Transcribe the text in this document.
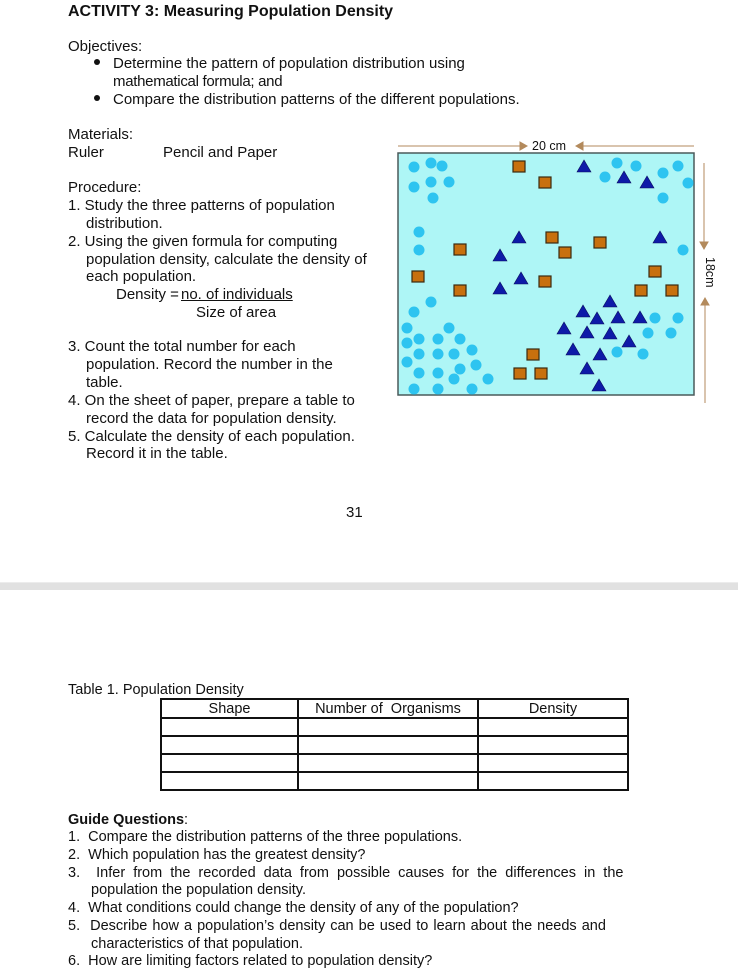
ACTIVITY 3: Measuring Population Density
Objectives:
Determine the pattern of population distribution using
mathematical formula; and
Compare the distribution patterns of the different populations.
Materials:
Ruler	Pencil and Paper
Procedure:
1. Study the three patterns of population
distribution.
2. Using the given formula for computing
population density, calculate the density of
each population.
Density = no. of individuals
Size of area
3. Count the total number for each
population. Record the number in the
table.
4. On the sheet of paper, prepare a table to
record the data for population density.
5. Calculate the density of each population.
Record it in the table.
31
20 cm
18cm
Table 1. Population Density
Shape	Number of  Organisms	Density

Guide Questions:
1.  Compare the distribution patterns of the three populations.
2.  Which population has the greatest density?
3.  Infer from the recorded data from possible causes for the differences in the
population the population density.
4.  What conditions could change the density of any of the population?
5.  Describe how a population’s density can be used to learn about the needs and
characteristics of that population.
6.  How are limiting factors related to population density?
